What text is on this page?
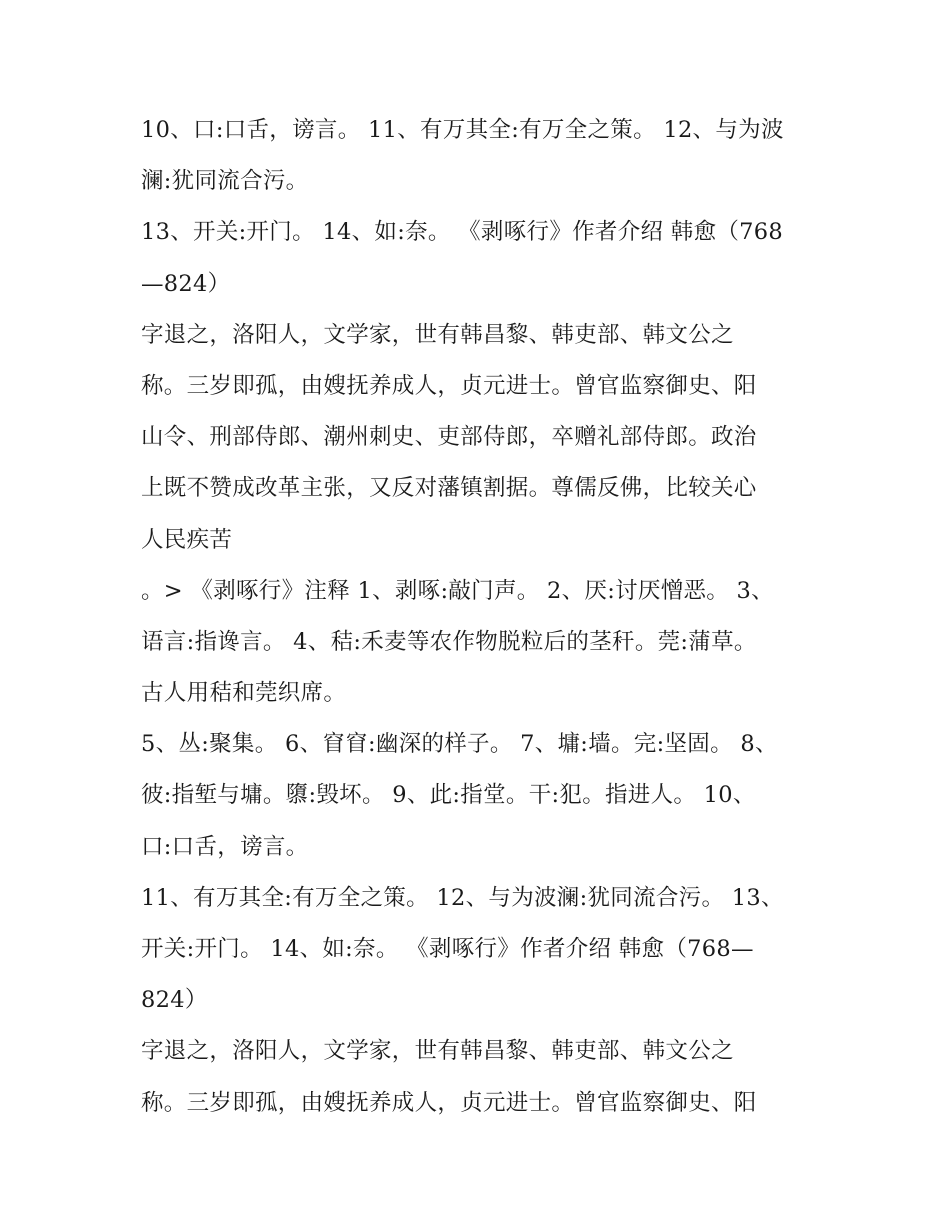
10、口:口舌，谤言。 11、有万其全:有万全之策。 12、与为波
澜:犹同流合污。
13、开关:开门。 14、如:奈。 《剥啄行》作者介绍 韩愈（768
—824）
字退之，洛阳人，文学家，世有韩昌黎、韩吏部、韩文公之
称。三岁即孤，由嫂抚养成人，贞元进士。曾官监察御史、阳
山令、刑部侍郎、潮州刺史、吏部侍郎，卒赠礼部侍郎。政治
上既不赞成改革主张，又反对藩镇割据。尊儒反佛，比较关心
人民疾苦
。> 《剥啄行》注释 1、剥啄:敲门声。 2、厌:讨厌憎恶。 3、
语言:指谗言。 4、秸:禾麦等农作物脱粒后的茎秆。莞:蒲草。
古人用秸和莞织席。
5、丛:聚集。 6、窅窅:幽深的样子。 7、墉:墙。完:坚固。 8、
彼:指堑与墉。隳:毁坏。 9、此:指堂。干:犯。指进人。 10、
口:口舌，谤言。
11、有万其全:有万全之策。 12、与为波澜:犹同流合污。 13、
开关:开门。 14、如:奈。 《剥啄行》作者介绍 韩愈（768—
824）
字退之，洛阳人，文学家，世有韩昌黎、韩吏部、韩文公之
称。三岁即孤，由嫂抚养成人，贞元进士。曾官监察御史、阳
